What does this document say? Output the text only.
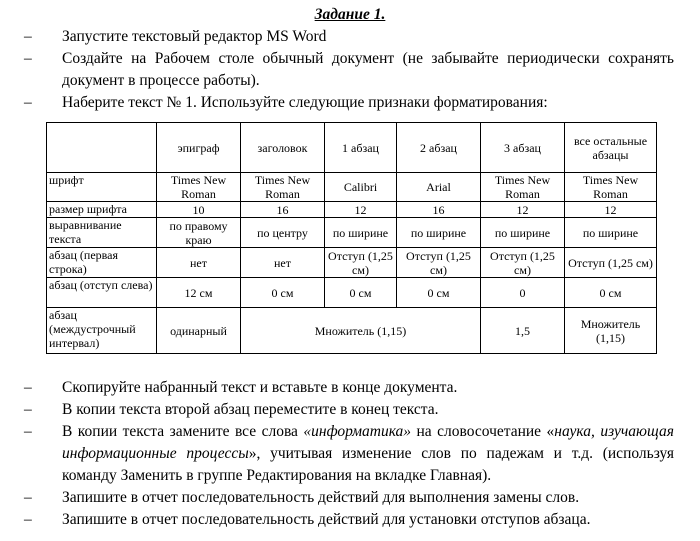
Задание 1.
– Запустите текстовый редактор MS Word
– Создайте на Рабочем столе обычный документ (не забывайте периодически сохранять документ в процессе работы).
– Наберите текст № 1. Используйте следующие признаки форматирования:
	эпиграф	заголовок	1 абзац	2 абзац	3 абзац	все остальные абзацы
шрифт	Times New Roman	Times New Roman	Calibri	Arial	Times New Roman	Times New Roman
размер шрифта	10	16	12	16	12	12
выравнивание текста	по правому краю	по центру	по ширине	по ширине	по ширине	по ширине
абзац (первая строка)	нет	нет	Отступ (1,25 см)	Отступ (1,25 см)	Отступ (1,25 см)	Отступ (1,25 см)
абзац (отступ слева)	12 см	0 см	0 см	0 см	0	0 см
абзац (междустрочный интервал)	одинарный	Множитель (1,15)			1,5	Множитель (1,15)
– Скопируйте набранный текст и вставьте в конце документа.
– В копии текста второй абзац переместите в конец текста.
– В копии текста замените все слова «информатика» на словосочетание «наука, изучающая информационные процессы», учитывая изменение слов по падежам и т.д. (используя команду Заменить в группе Редактирования на вкладке Главная).
– Запишите в отчет последовательность действий для выполнения замены слов.
– Запишите в отчет последовательность действий для установки отступов абзаца.
